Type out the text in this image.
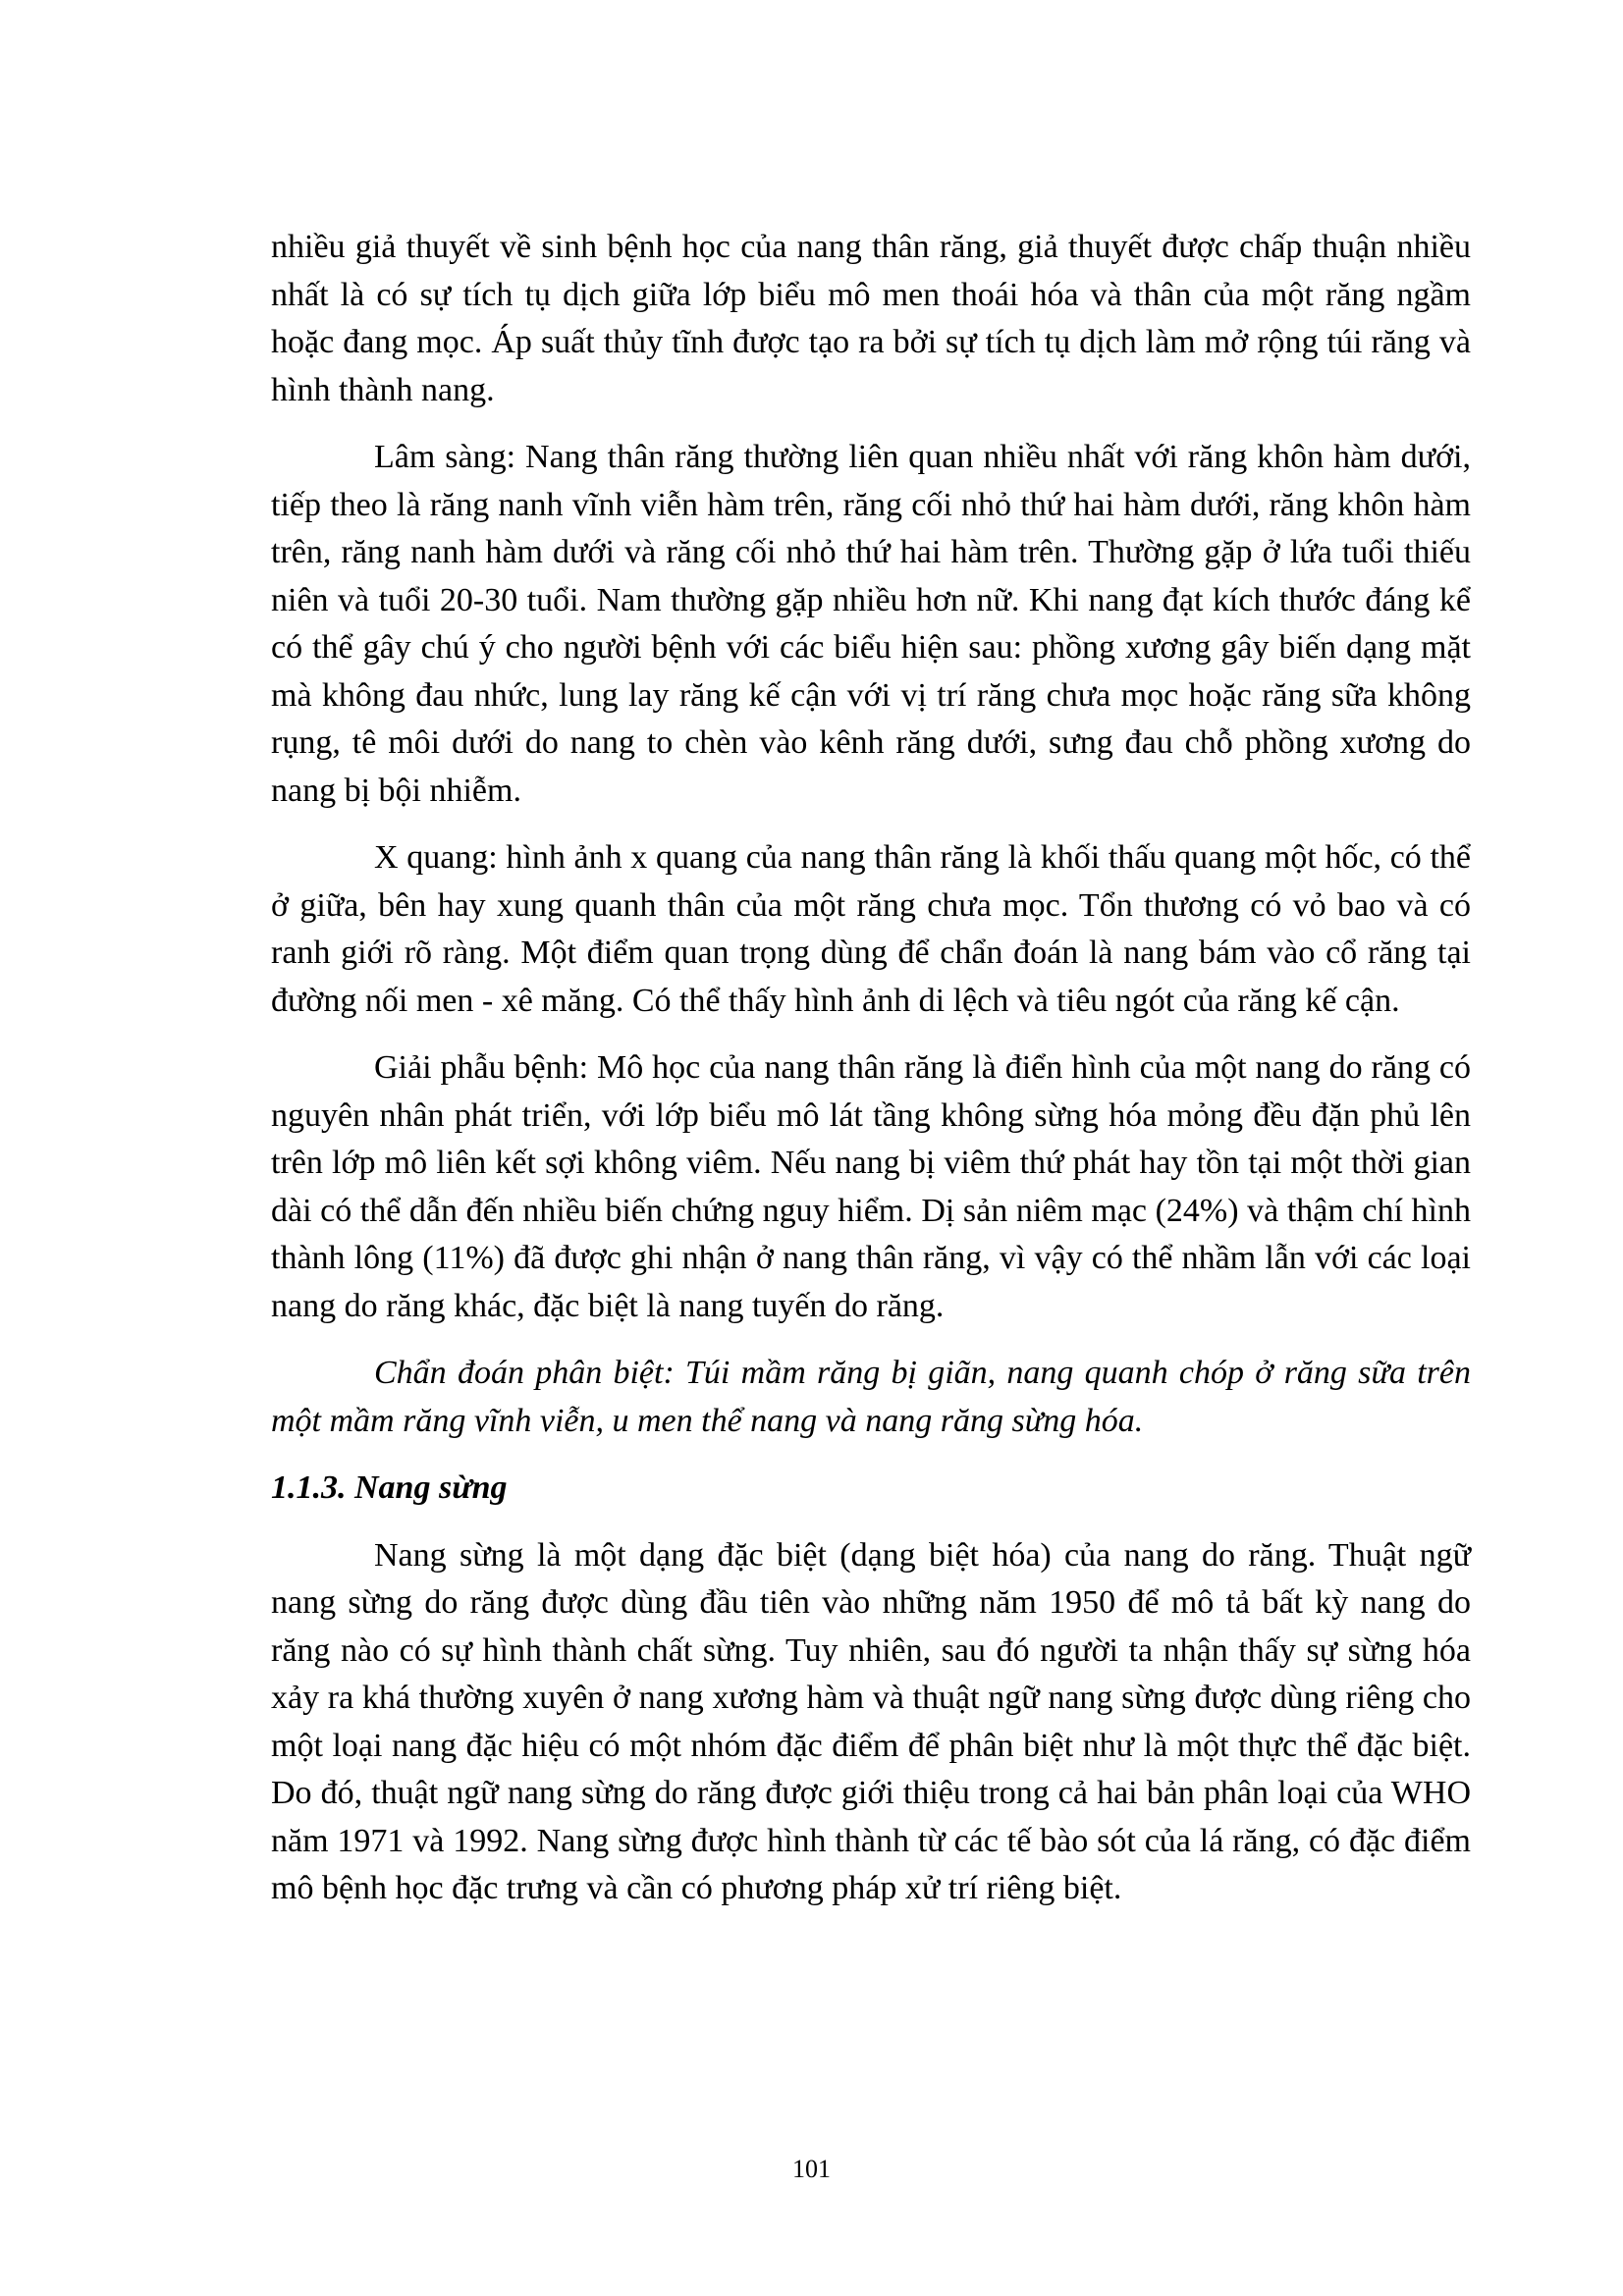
nhiều giả thuyết về sinh bệnh học của nang thân răng, giả thuyết được chấp thuận nhiều nhất là có sự tích tụ dịch giữa lớp biểu mô men thoái hóa và thân của một răng ngầm hoặc đang mọc. Áp suất thủy tĩnh được tạo ra bởi sự tích tụ dịch làm mở rộng túi răng và hình thành nang.

Lâm sàng: Nang thân răng thường liên quan nhiều nhất với răng khôn hàm dưới, tiếp theo là răng nanh vĩnh viễn hàm trên, răng cối nhỏ thứ hai hàm dưới, răng khôn hàm trên, răng nanh hàm dưới và răng cối nhỏ thứ hai hàm trên. Thường gặp ở lứa tuổi thiếu niên và tuổi 20-30 tuổi. Nam thường gặp nhiều hơn nữ. Khi nang đạt kích thước đáng kể có thể gây chú ý cho người bệnh với các biểu hiện sau: phồng xương gây biến dạng mặt mà không đau nhức, lung lay răng kế cận với vị trí răng chưa mọc hoặc răng sữa không rụng, tê môi dưới do nang to chèn vào kênh răng dưới, sưng đau chỗ phồng xương do nang bị bội nhiễm.

X quang: hình ảnh x quang của nang thân răng là khối thấu quang một hốc, có thể ở giữa, bên hay xung quanh thân của một răng chưa mọc. Tổn thương có vỏ bao và có ranh giới rõ ràng. Một điểm quan trọng dùng để chẩn đoán là nang bám vào cổ răng tại đường nối men - xê măng. Có thể thấy hình ảnh di lệch và tiêu ngót của răng kế cận.

Giải phẫu bệnh: Mô học của nang thân răng là điển hình của một nang do răng có nguyên nhân phát triển, với lớp biểu mô lát tầng không sừng hóa mỏng đều đặn phủ lên trên lớp mô liên kết sợi không viêm. Nếu nang bị viêm thứ phát hay tồn tại một thời gian dài có thể dẫn đến nhiều biến chứng nguy hiểm. Dị sản niêm mạc (24%) và thậm chí hình thành lông (11%) đã được ghi nhận ở nang thân răng, vì vậy có thể nhầm lẫn với các loại nang do răng khác, đặc biệt là nang tuyến do răng.

Chẩn đoán phân biệt: Túi mầm răng bị giãn, nang quanh chóp ở răng sữa trên một mầm răng vĩnh viễn, u men thể nang và nang răng sừng hóa.

1.1.3. Nang sừng

Nang sừng là một dạng đặc biệt (dạng biệt hóa) của nang do răng. Thuật ngữ nang sừng do răng được dùng đầu tiên vào những năm 1950 để mô tả bất kỳ nang do răng nào có sự hình thành chất sừng. Tuy nhiên, sau đó người ta nhận thấy sự sừng hóa xảy ra khá thường xuyên ở nang xương hàm và thuật ngữ nang sừng được dùng riêng cho một loại nang đặc hiệu có một nhóm đặc điểm để phân biệt như là một thực thể đặc biệt. Do đó, thuật ngữ nang sừng do răng được giới thiệu trong cả hai bản phân loại của WHO năm 1971 và 1992. Nang sừng được hình thành từ các tế bào sót của lá răng, có đặc điểm mô bệnh học đặc trưng và cần có phương pháp xử trí riêng biệt.

101
